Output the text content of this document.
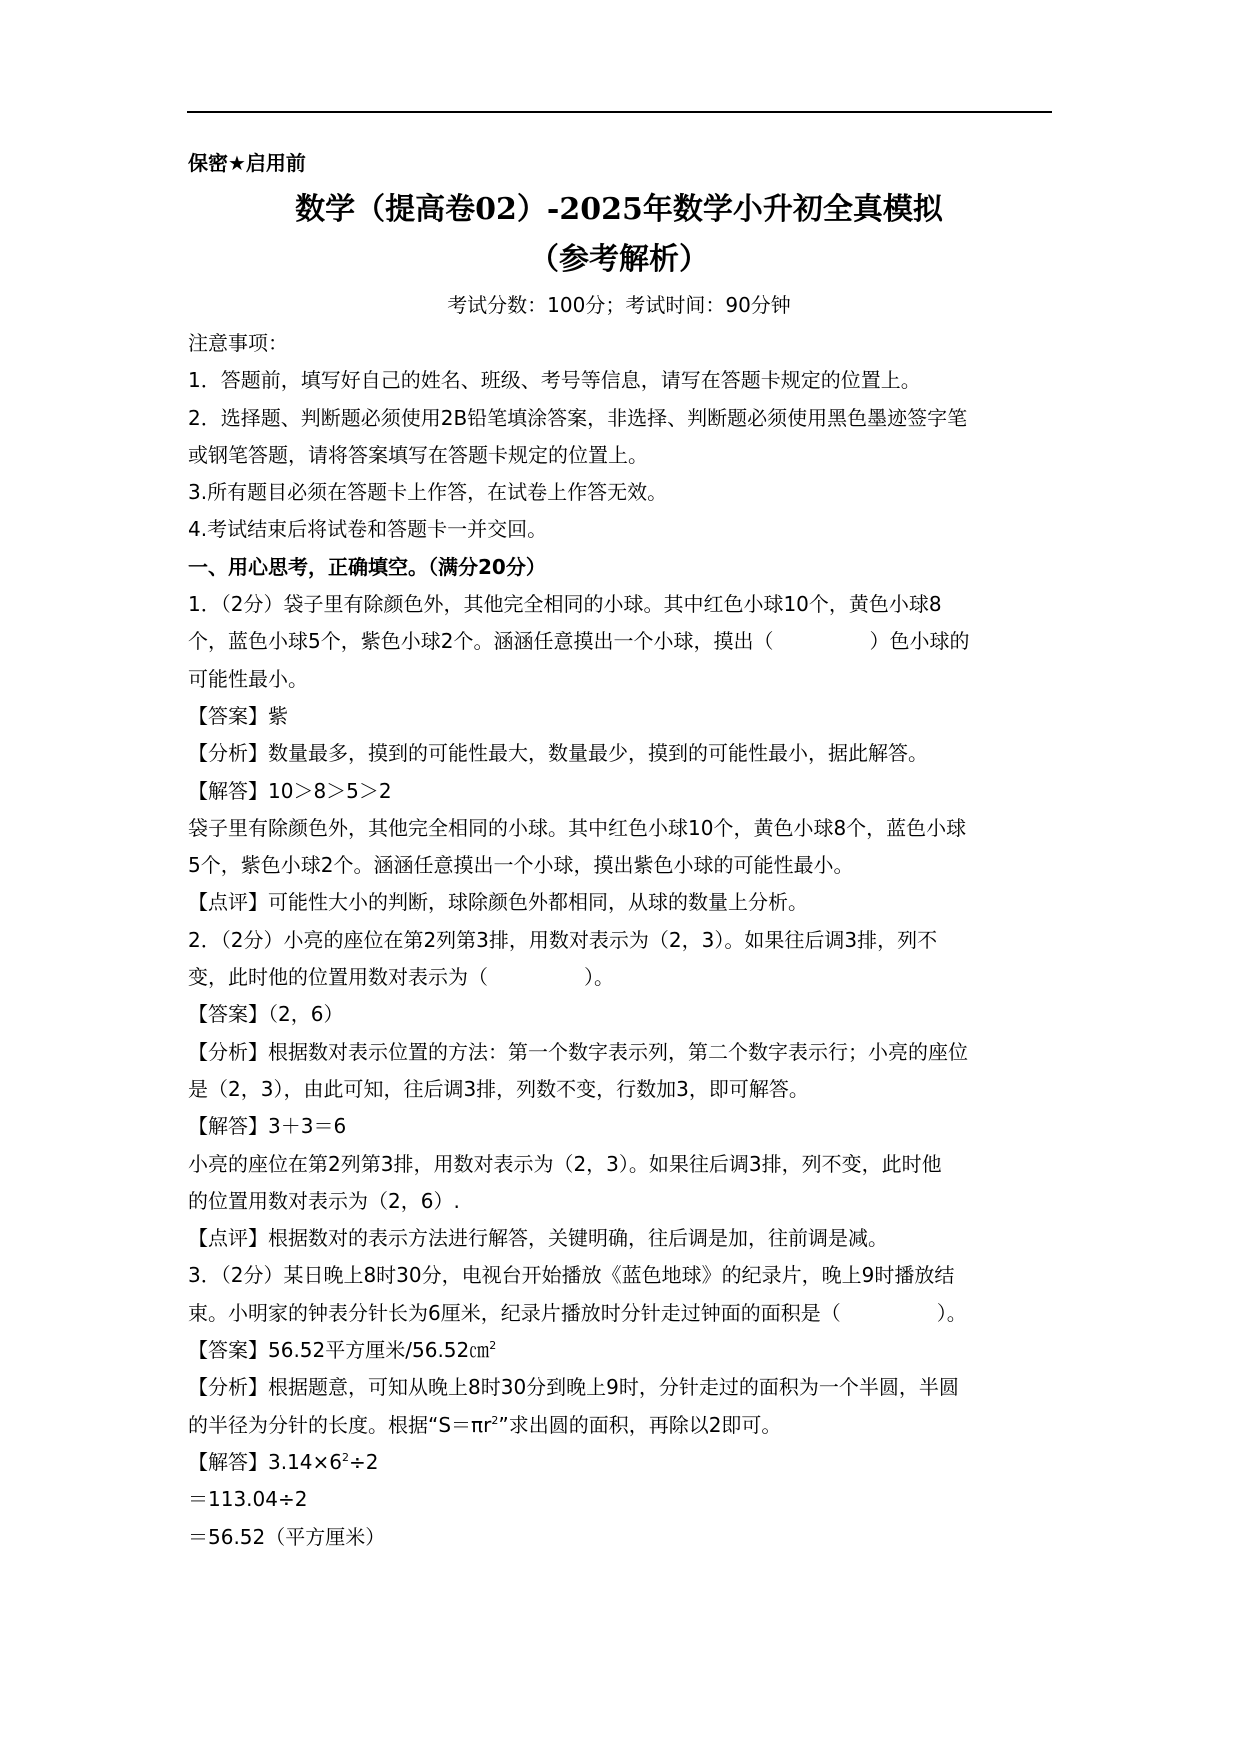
保密★启用前
数学（提高卷02）-2025年数学小升初全真模拟
（参考解析）
考试分数：100分；考试时间：90分钟
注意事项：
1．答题前，填写好自己的姓名、班级、考号等信息，请写在答题卡规定的位置上。
2．选择题、判断题必须使用2B铅笔填涂答案，非选择、判断题必须使用黑色墨迹签字笔
或钢笔答题，请将答案填写在答题卡规定的位置上。
3.所有题目必须在答题卡上作答，在试卷上作答无效。
4.考试结束后将试卷和答题卡一并交回。
一、用心思考，正确填空。（满分20分）
1．（2分）袋子里有除颜色外，其他完全相同的小球。其中红色小球10个，黄色小球8
个，蓝色小球5个，紫色小球2个。涵涵任意摸出一个小球，摸出（	）色小球的
可能性最小。
【答案】紫
【分析】数量最多，摸到的可能性最大，数量最少，摸到的可能性最小，据此解答。
【解答】10＞8＞5＞2
袋子里有除颜色外，其他完全相同的小球。其中红色小球10个，黄色小球8个，蓝色小球
5个，紫色小球2个。涵涵任意摸出一个小球，摸出紫色小球的可能性最小。
【点评】可能性大小的判断，球除颜色外都相同，从球的数量上分析。
2．（2分）小亮的座位在第2列第3排，用数对表示为（2，3）。如果往后调3排，列不
变，此时他的位置用数对表示为（	）。
【答案】（2，6）
【分析】根据数对表示位置的方法：第一个数字表示列，第二个数字表示行；小亮的座位
是（2，3），由此可知，往后调3排，列数不变，行数加3，即可解答。
【解答】3＋3＝6
小亮的座位在第2列第3排，用数对表示为（2，3）。如果往后调3排，列不变，此时他
的位置用数对表示为（2，6）.
【点评】根据数对的表示方法进行解答，关键明确，往后调是加，往前调是减。
3．（2分）某日晚上8时30分，电视台开始播放《蓝色地球》的纪录片，晚上9时播放结
束。小明家的钟表分针长为6厘米，纪录片播放时分针走过钟面的面积是（	）。
【答案】56.52平方厘米/56.52㎝$^2$
【分析】根据题意，可知从晚上8时30分到晚上9时，分针走过的面积为一个半圆，半圆
的半径为分针的长度。根据“$S=\pi r^2$”求出圆的面积，再除以2即可。
【解答】$3.14\times 6^2\div 2$
＝113.04÷2
＝56.52（平方厘米）
